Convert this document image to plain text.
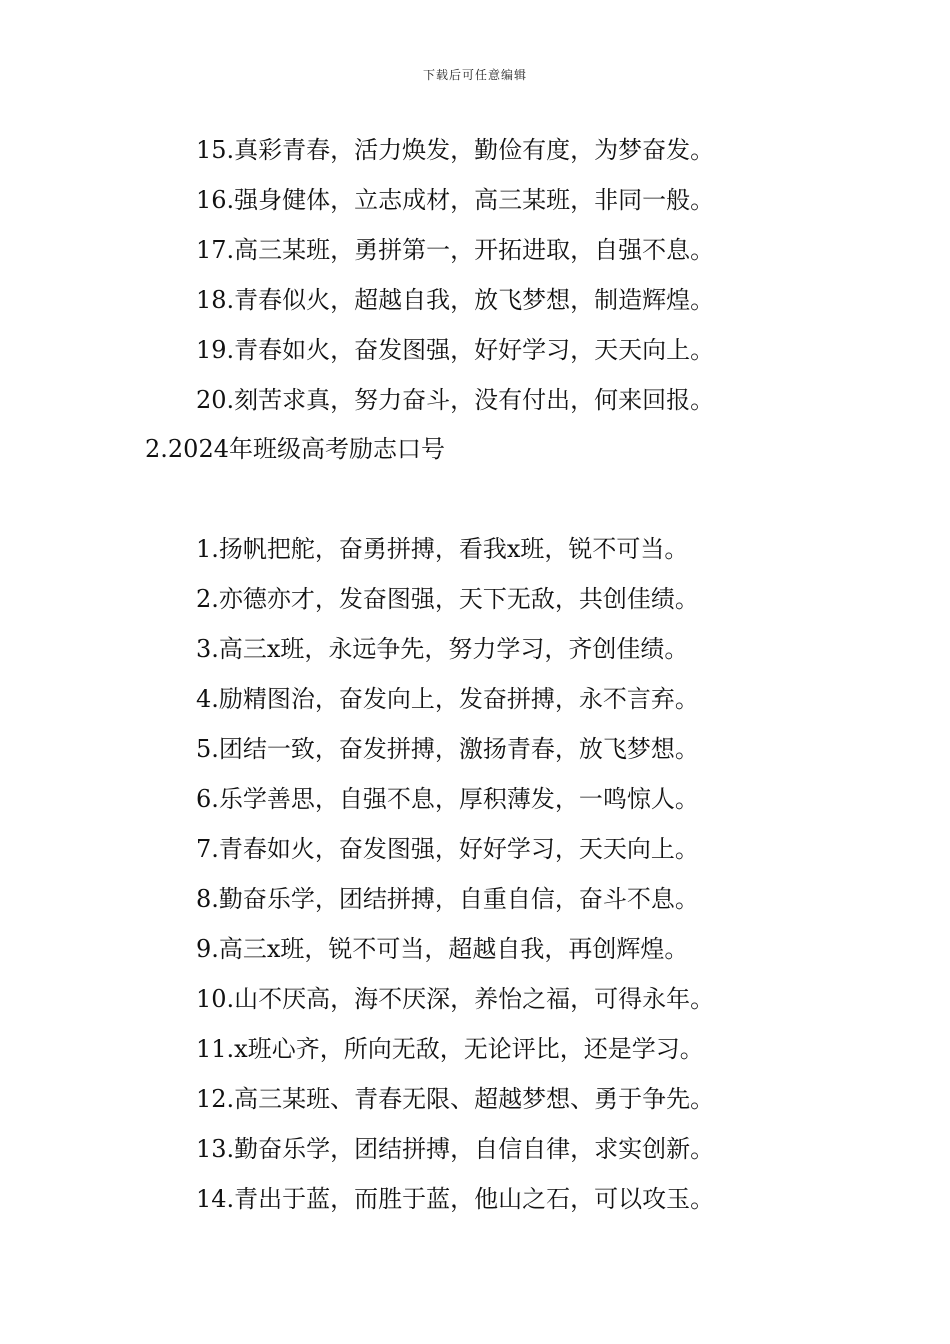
下载后可任意编辑
15.真彩青春，活力焕发，勤俭有度，为梦奋发。
16.强身健体，立志成材，高三某班，非同一般。
17.高三某班，勇拼第一，开拓进取，自强不息。
18.青春似火，超越自我，放飞梦想，制造辉煌。
19.青春如火，奋发图强，好好学习，天天向上。
20.刻苦求真，努力奋斗，没有付出，何来回报。
2.2024年班级高考励志口号
1.扬帆把舵，奋勇拼搏，看我x班，锐不可当。
2.亦德亦才，发奋图强，天下无敌，共创佳绩。
3.高三x班，永远争先，努力学习，齐创佳绩。
4.励精图治，奋发向上，发奋拼搏，永不言弃。
5.团结一致，奋发拼搏，激扬青春，放飞梦想。
6.乐学善思，自强不息，厚积薄发，一鸣惊人。
7.青春如火，奋发图强，好好学习，天天向上。
8.勤奋乐学，团结拼搏，自重自信，奋斗不息。
9.高三x班，锐不可当，超越自我，再创辉煌。
10.山不厌高，海不厌深，养怡之福，可得永年。
11.x班心齐，所向无敌，无论评比，还是学习。
12.高三某班、青春无限、超越梦想、勇于争先。
13.勤奋乐学，团结拼搏，自信自律，求实创新。
14.青出于蓝，而胜于蓝，他山之石，可以攻玉。
